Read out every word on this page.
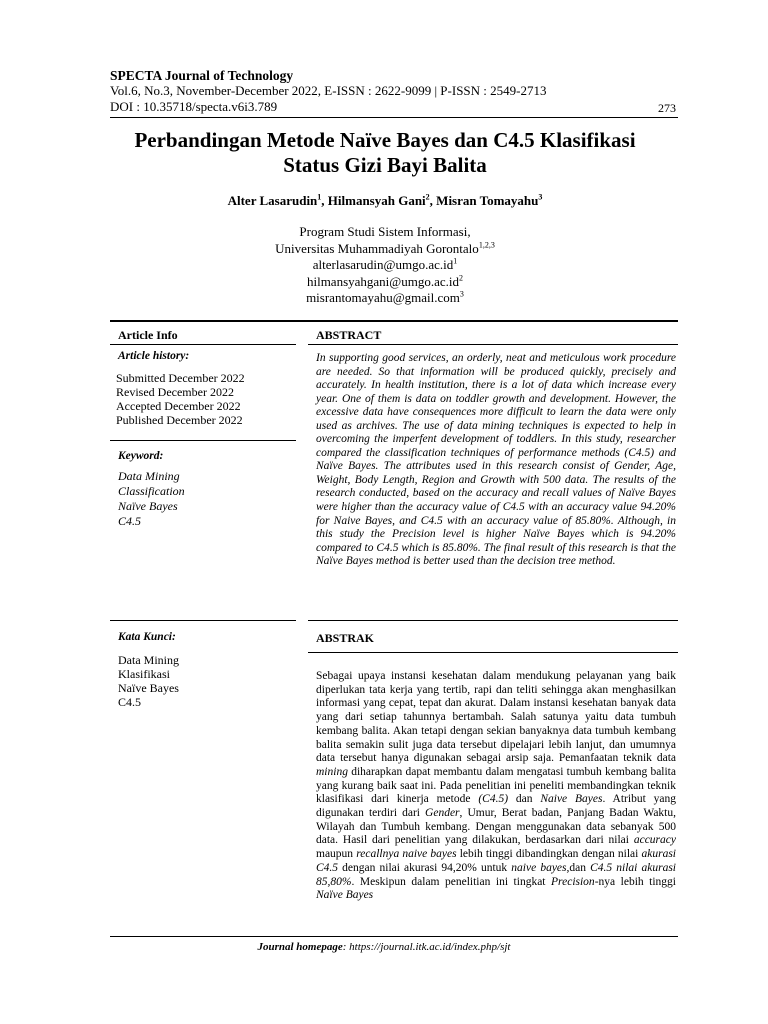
SPECTA Journal of Technology
Vol.6, No.3, November-December 2022, E-ISSN : 2622-9099 | P-ISSN : 2549-2713
DOI : 10.35718/specta.v6i3.789	273
Perbandingan Metode Naïve Bayes dan C4.5 Klasifikasi
Status Gizi Bayi Balita
Alter Lasarudin$^1$, Hilmansyah Gani$^2$, Misran Tomayahu$^3$
Program Studi Sistem Informasi,
Universitas Muhammadiyah Gorontalo$^{1,2,3}$
$alterlasarudin@umgo.ac.id^1$
$hilmansyahgani@umgo.ac.id^2$
misrantomayahu@gmail.com$^3$
Article Info
Article history:
Submitted December 2022
Revised December 2022
Accepted December 2022
Published December 2022
Keyword:
Data Mining
Classification
Naïve Bayes
C4.5
ABSTRACT

In supporting good services, an orderly, neat and meticulous work procedure are needed. So that information will be produced quickly, precisely and accurately. In health institution, there is a lot of data which increase every year. One of them is data on toddler growth and development. However, the excessive data have consequences more difficult to learn the data were only used as archives. The use of data mining techniques is expected to help in overcoming the imperfent development of toddlers. In this study, researcher compared the classification techniques of performance methods (C4.5) and Naïve Bayes. The attributes used in this research consist of Gender, Age, Weight, Body Length, Region and Growth with 500 data. The results of the research conducted, based on the accuracy and recall values of Naïve Bayes were higher than the accuracy value of C4.5 with an accuracy value 94.20% for Naive Bayes, and C4.5 with an accuracy value of 85.80%. Although, in this study the Precision level is higher Naïve Bayes which is 94.20% compared to C4.5 which is 85.80%. The final result of this research is that the Naïve Bayes method is better used than the decision tree method.

Kata Kunci:
Data Mining
Klasifikasi
Naïve Bayes
C4.5
ABSTRAK

Sebagai upaya instansi kesehatan dalam mendukung pelayanan yang baik diperlukan tata kerja yang tertib, rapi dan teliti sehingga akan menghasilkan informasi yang cepat, tepat dan akurat. Dalam instansi kesehatan banyak data yang dari setiap tahunnya bertambah. Salah satunya yaitu data tumbuh kembang balita. Akan tetapi dengan sekian banyaknya data tumbuh kembang balita semakin sulit juga data tersebut dipelajari lebih lanjut, dan umumnya data tersebut hanya digunakan sebagai arsip saja. Pemanfaatan teknik data mining diharapkan dapat membantu dalam mengatasi tumbuh kembang balita yang kurang baik saat ini. Pada penelitian ini peneliti membandingkan teknik klasifikasi dari kinerja metode (C4.5) dan Naive Bayes. Atribut yang digunakan terdiri dari Gender, Umur, Berat badan, Panjang Badan Waktu, Wilayah dan Tumbuh kembang. Dengan menggunakan data sebanyak 500 data. Hasil dari penelitian yang dilakukan, berdasarkan dari nilai accuracy maupun recallnya naive bayes lebih tinggi dibandingkan dengan nilai akurasi C4.5 dengan nilai akurasi 94,20% untuk naive bayes,dan C4.5 nilai akurasi 85,80%. Meskipun dalam penelitian ini tingkat Precision-nya lebih tinggi Naïve Bayes

Journal homepage: https://journal.itk.ac.id/index.php/sjt
